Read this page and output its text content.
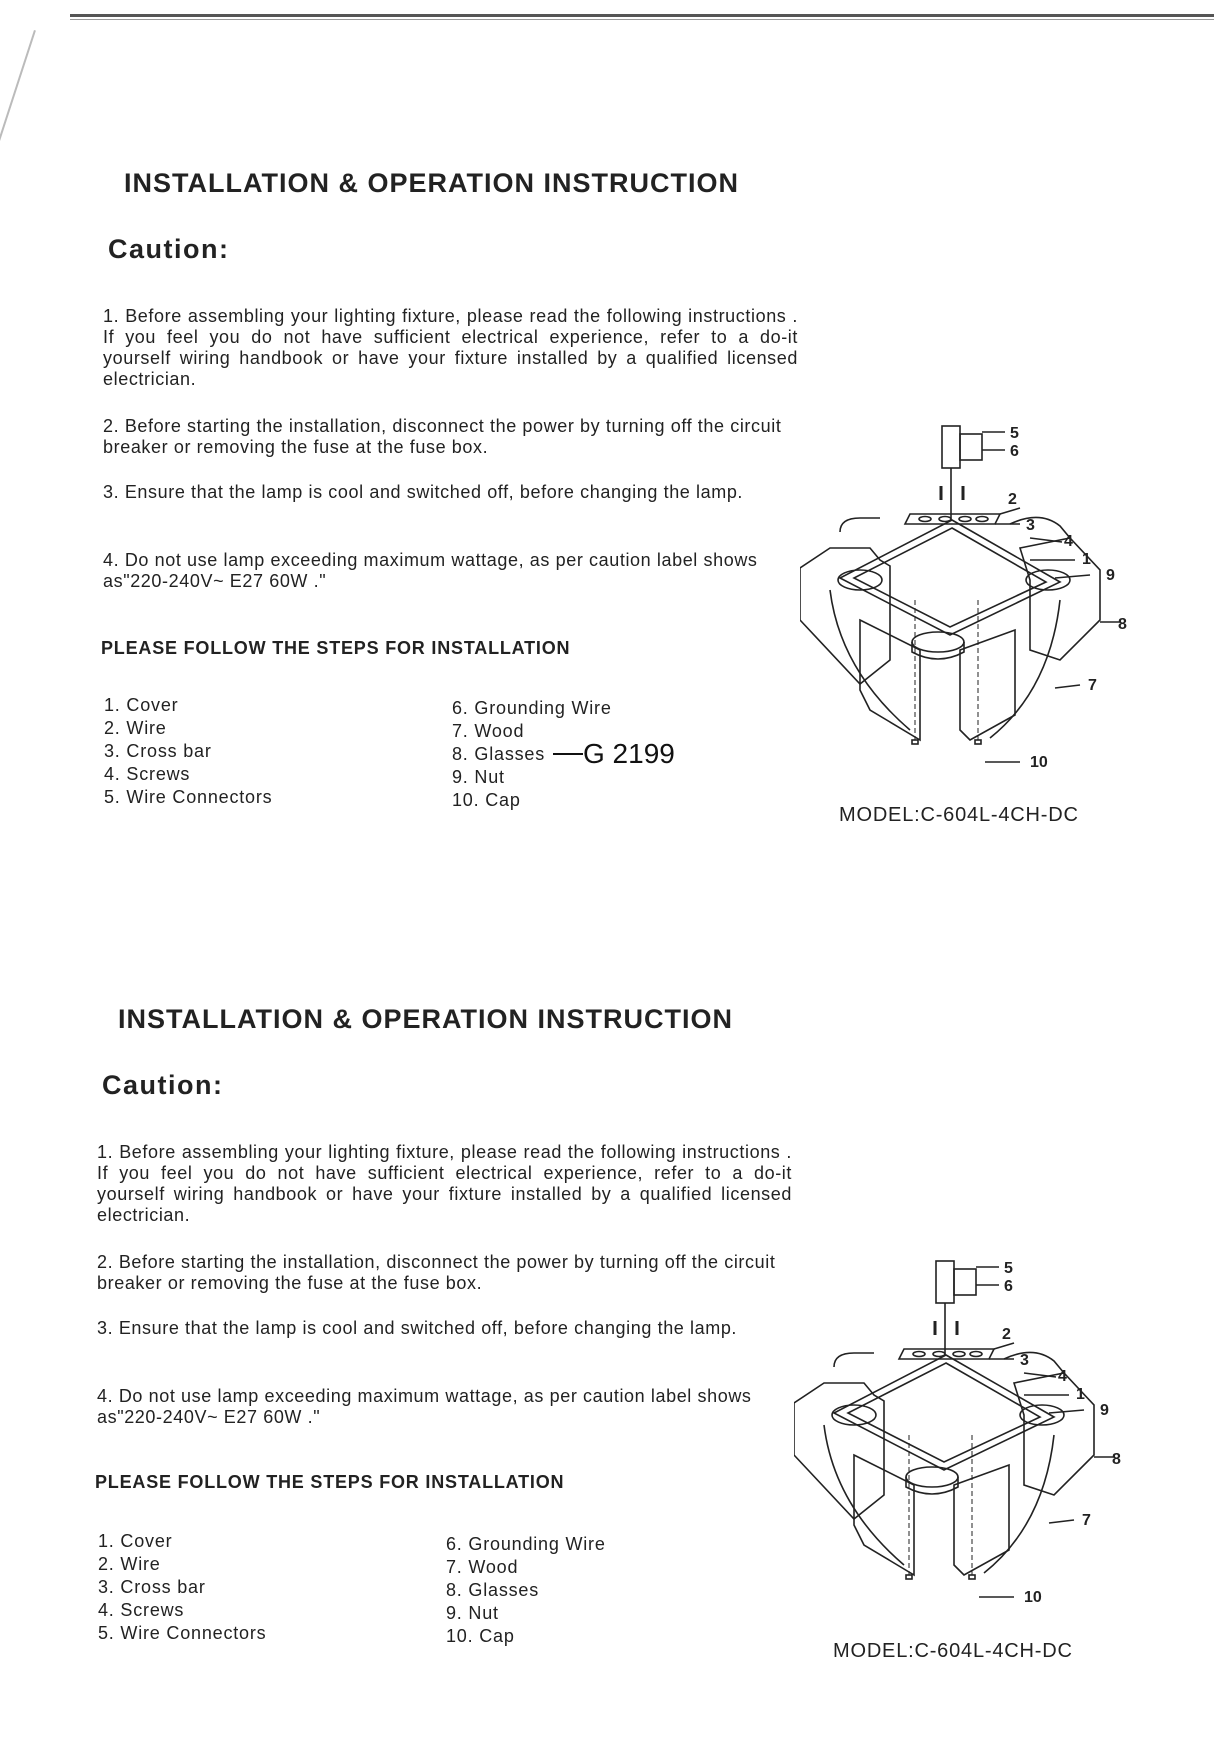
INSTALLATION & OPERATION INSTRUCTION
Caution:
1. Before assembling your lighting fixture, please read the following instructions . If you feel you do not have sufficient electrical experience, refer to a do-it yourself wiring handbook or have your fixture installed by a qualified licensed electrician.
2. Before starting the installation, disconnect the power by turning off the circuit breaker or removing the fuse at the fuse box.
3. Ensure that the lamp is cool and switched off, before changing the lamp.
4. Do not use lamp exceeding maximum wattage, as per caution label shows as"220-240V~ E27 60W ."
PLEASE FOLLOW THE STEPS FOR INSTALLATION
1. Cover
2. Wire
3. Cross bar
4. Screws
5. Wire Connectors
6. Grounding Wire
7. Wood
8. Glasses
9. Nut
10. Cap
G 2199
MODEL:C-604L-4CH-DC
5
6
2
3
4
1
9
8
7
10
INSTALLATION & OPERATION INSTRUCTION
Caution:
1. Before assembling your lighting fixture, please read the following instructions . If you feel you do not have sufficient electrical experience, refer to a do-it yourself wiring handbook or have your fixture installed by a qualified licensed electrician.
2. Before starting the installation, disconnect the power by turning off the circuit breaker or removing the fuse at the fuse box.
3. Ensure that the lamp is cool and switched off, before changing the lamp.
4. Do not use lamp exceeding maximum wattage, as per caution label shows as"220-240V~ E27 60W ."
PLEASE FOLLOW THE STEPS FOR INSTALLATION
1. Cover
2. Wire
3. Cross bar
4. Screws
5. Wire Connectors
6. Grounding Wire
7. Wood
8. Glasses
9. Nut
10. Cap
MODEL:C-604L-4CH-DC
5
6
2
3
4
1
9
8
7
10
